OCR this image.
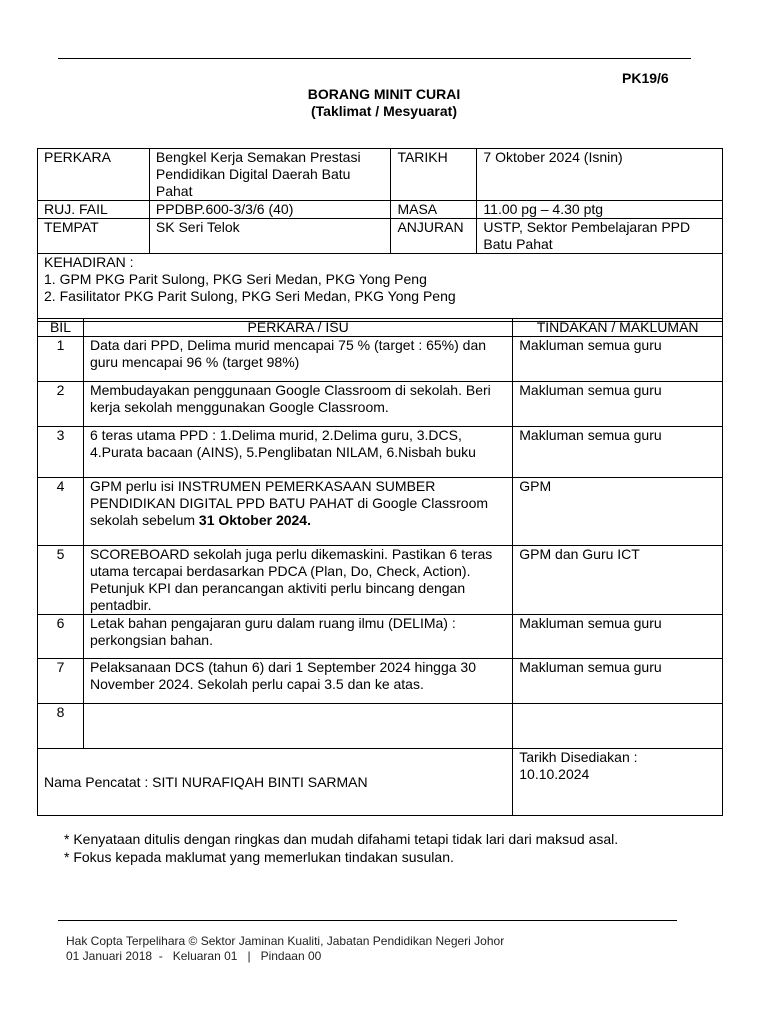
PK19/6
BORANG MINIT CURAI
(Taklimat / Mesyuarat)
PERKARA	Bengkel Kerja Semakan Prestasi Pendidikan Digital Daerah Batu Pahat	TARIKH	7 Oktober 2024 (Isnin)
RUJ. FAIL	PPDBP.600-3/3/6 (40)	MASA	11.00 pg – 4.30 ptg
TEMPAT	SK Seri Telok	ANJURAN	USTP, Sektor Pembelajaran PPD Batu Pahat

KEHADIRAN :
1. GPM PKG Parit Sulong, PKG Seri Medan, PKG Yong Peng
2. Fasilitator PKG Parit Sulong, PKG Seri Medan, PKG Yong Peng			
BIL	PERKARA / ISU	TINDAKAN / MAKLUMAN
1	Data dari PPD, Delima murid mencapai 75 % (target : 65%) dan guru mencapai 96 % (target 98%)	Makluman semua guru
2	Membudayakan penggunaan Google Classroom di sekolah. Beri kerja sekolah menggunakan Google Classroom.	Makluman semua guru
3	6 teras utama PPD : 1.Delima murid, 2.Delima guru, 3.DCS, 4.Purata bacaan (AINS), 5.Penglibatan NILAM, 6.Nisbah buku	Makluman semua guru
4	GPM perlu isi INSTRUMEN PEMERKASAAN SUMBER PENDIDIKAN DIGITAL PPD BATU PAHAT di Google Classroom sekolah sebelum 31 Oktober 2024.	GPM
5	SCOREBOARD sekolah juga perlu dikemaskini. Pastikan 6 teras utama tercapai berdasarkan PDCA (Plan, Do, Check, Action). Petunjuk KPI dan perancangan aktiviti perlu bincang dengan pentadbir.	GPM dan Guru ICT
6	Letak bahan pengajaran guru dalam ruang ilmu (DELIMa) : perkongsian bahan.	Makluman semua guru
7	Pelaksanaan DCS (tahun 6) dari 1 September 2024 hingga 30 November 2024. Sekolah perlu capai 3.5 dan ke atas.	Makluman semua guru
8		
Nama Pencatat : SITI NURAFIQAH BINTI SARMAN		Tarikh Disediakan :
10.10.2024
* Kenyataan ditulis dengan ringkas dan mudah difahami tetapi tidak lari dari maksud asal.
* Fokus kepada maklumat yang memerlukan tindakan susulan.
Hak Copta Terpelihara © Sektor Jaminan Kualiti, Jabatan Pendidikan Negeri Johor
01 Januari 2018  -   Keluaran 01   |   Pindaan 00
